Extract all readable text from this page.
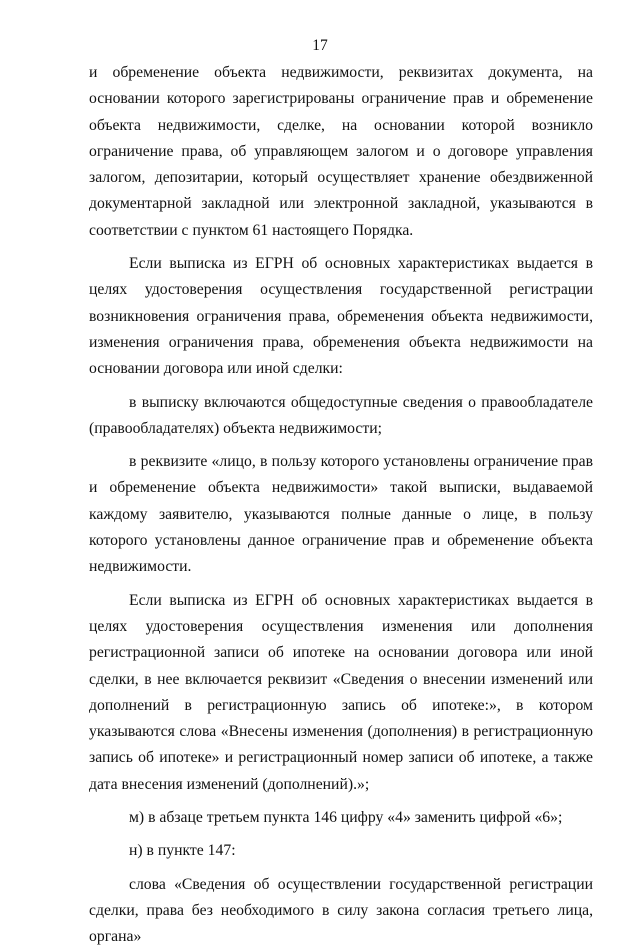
17

и обременение объекта недвижимости, реквизитах документа, на основании которого зарегистрированы ограничение прав и обременение объекта недвижимости, сделке, на основании которой возникло ограничение права, об управляющем залогом и о договоре управления залогом, депозитарии, который осуществляет хранение обездвиженной документарной закладной или электронной закладной, указываются в соответствии с пунктом 61 настоящего Порядка.

Если выписка из ЕГРН об основных характеристиках выдается в целях удостоверения осуществления государственной регистрации возникновения ограничения права, обременения объекта недвижимости, изменения ограничения права, обременения объекта недвижимости на основании договора или иной сделки:

в выписку включаются общедоступные сведения о правообладателе (правообладателях) объекта недвижимости;

в реквизите «лицо, в пользу которого установлены ограничение прав и обременение объекта недвижимости» такой выписки, выдаваемой каждому заявителю, указываются полные данные о лице, в пользу которого установлены данное ограничение прав и обременение объекта недвижимости.

Если выписка из ЕГРН об основных характеристиках выдается в целях удостоверения осуществления изменения или дополнения регистрационной записи об ипотеке на основании договора или иной сделки, в нее включается реквизит «Сведения о внесении изменений или дополнений в регистрационную запись об ипотеке:», в котором указываются слова «Внесены изменения (дополнения) в регистрационную запись об ипотеке» и регистрационный номер записи об ипотеке, а также дата внесения изменений (дополнений).»;

м) в абзаце третьем пункта 146 цифру «4» заменить цифрой «6»;

н) в пункте 147:

слова «Сведения об осуществлении государственной регистрации сделки, права без необходимого в силу закона согласия третьего лица, органа»
